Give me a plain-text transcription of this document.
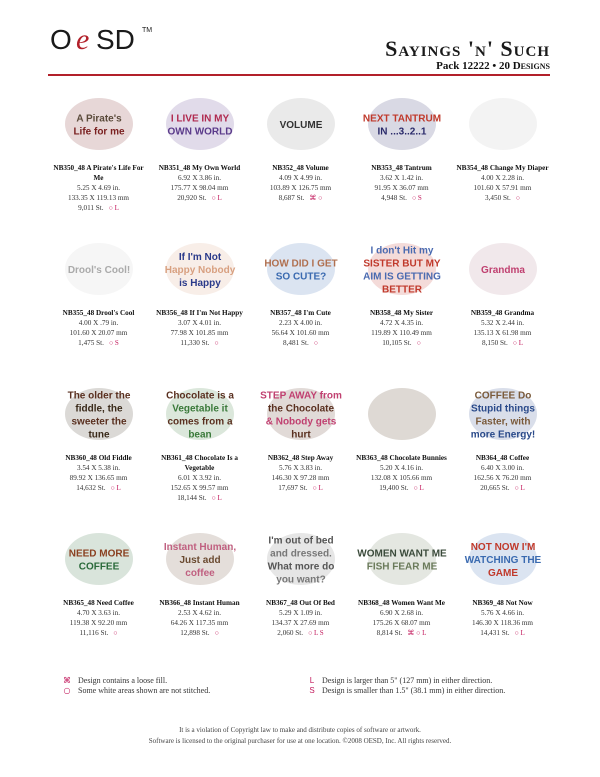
O e SD TM
Sayings 'n' Such
Pack 12222 • 20 Designs
A Pirate's
Life for me
NB350_48 A Pirate's Life For Me
5.25 X 4.69 in.
133.35 X 119.13 mm
9,011 St. ○ L
I LIVE IN MY
OWN WORLD
NB351_48 My Own World
6.92 X 3.86 in.
175.77 X 98.04 mm
20,920 St. ○ L
VOLUME
NB352_48 Volume
4.09 X 4.99 in.
103.89 X 126.75 mm
8,687 St. ⌘ ○
NEXT TANTRUM
IN ...3..2..1
NB353_48 Tantrum
3.62 X 1.42 in.
91.95 X 36.07 mm
4,948 St. ○ S
NB354_48 Change My Diaper
4.00 X 2.28 in.
101.60 X 57.91 mm
3,450 St. ○
Drool's Cool!
NB355_48 Drool's Cool
4.00 X .79 in.
101.60 X 20.07 mm
1,475 St. ○ S
If I'm Not
Happy Nobody
is Happy
NB356_48 If I'm Not Happy
3.07 X 4.01 in.
77.98 X 101.85 mm
11,330 St. ○
HOW DID I GET
SO CUTE?
NB357_48 I'm Cute
2.23 X 4.00 in.
56.64 X 101.60 mm
8,481 St. ○
I don't Hit my
SISTER BUT MY
AIM IS GETTING
BETTER
NB358_48 My Sister
4.72 X 4.35 in.
119.89 X 110.49 mm
10,105 St. ○
Grandma
NB359_48 Grandma
5.32 X 2.44 in.
135.13 X 61.98 mm
8,150 St. ○ L
The older the
fiddle, the
sweeter the
tune
NB360_48 Old Fiddle
3.54 X 5.38 in.
89.92 X 136.65 mm
14,632 St. ○ L
Chocolate is a
Vegetable it
comes from a
bean
NB361_48 Chocolate Is a Vegetable
6.01 X 3.92 in.
152.65 X 99.57 mm
18,144 St. ○ L
STEP AWAY from
the Chocolate
& Nobody gets
hurt
NB362_48 Step Away
5.76 X 3.83 in.
146.30 X 97.28 mm
17,697 St. ○ L
NB363_48 Chocolate Bunnies
5.20 X 4.16 in.
132.08 X 105.66 mm
19,400 St. ○ L
COFFEE Do
Stupid things
Faster, with
more Energy!
NB364_48 Coffee
6.40 X 3.00 in.
162.56 X 76.20 mm
20,665 St. ○ L
NEED MORE
COFFEE
NB365_48 Need Coffee
4.70 X 3.63 in.
119.38 X 92.20 mm
11,116 St. ○
Instant Human,
Just add
coffee
NB366_48 Instant Human
2.53 X 4.62 in.
64.26 X 117.35 mm
12,898 St. ○
I'm out of bed
and dressed.
What more do
you want?
NB367_48 Out Of Bed
5.29 X 1.09 in.
134.37 X 27.69 mm
2,060 St. ○ L S
WOMEN WANT ME
FISH FEAR ME
NB368_48 Women Want Me
6.90 X 2.68 in.
175.26 X 68.07 mm
8,814 St. ⌘ ○ L
NOT NOW I'M
WATCHING THE
GAME
NB369_48 Not Now
5.76 X 4.66 in.
146.30 X 118.36 mm
14,431 St. ○ L
⌘ Design contains a loose fill.
○ Some white areas shown are not stitched.
L Design is larger than 5" (127 mm) in either direction.
S Design is smaller than 1.5" (38.1 mm) in either direction.
It is a violation of Copyright law to make and distribute copies of software or artwork.
Software is licensed to the original purchaser for use at one location. ©2008 OESD, Inc. All rights reserved.
